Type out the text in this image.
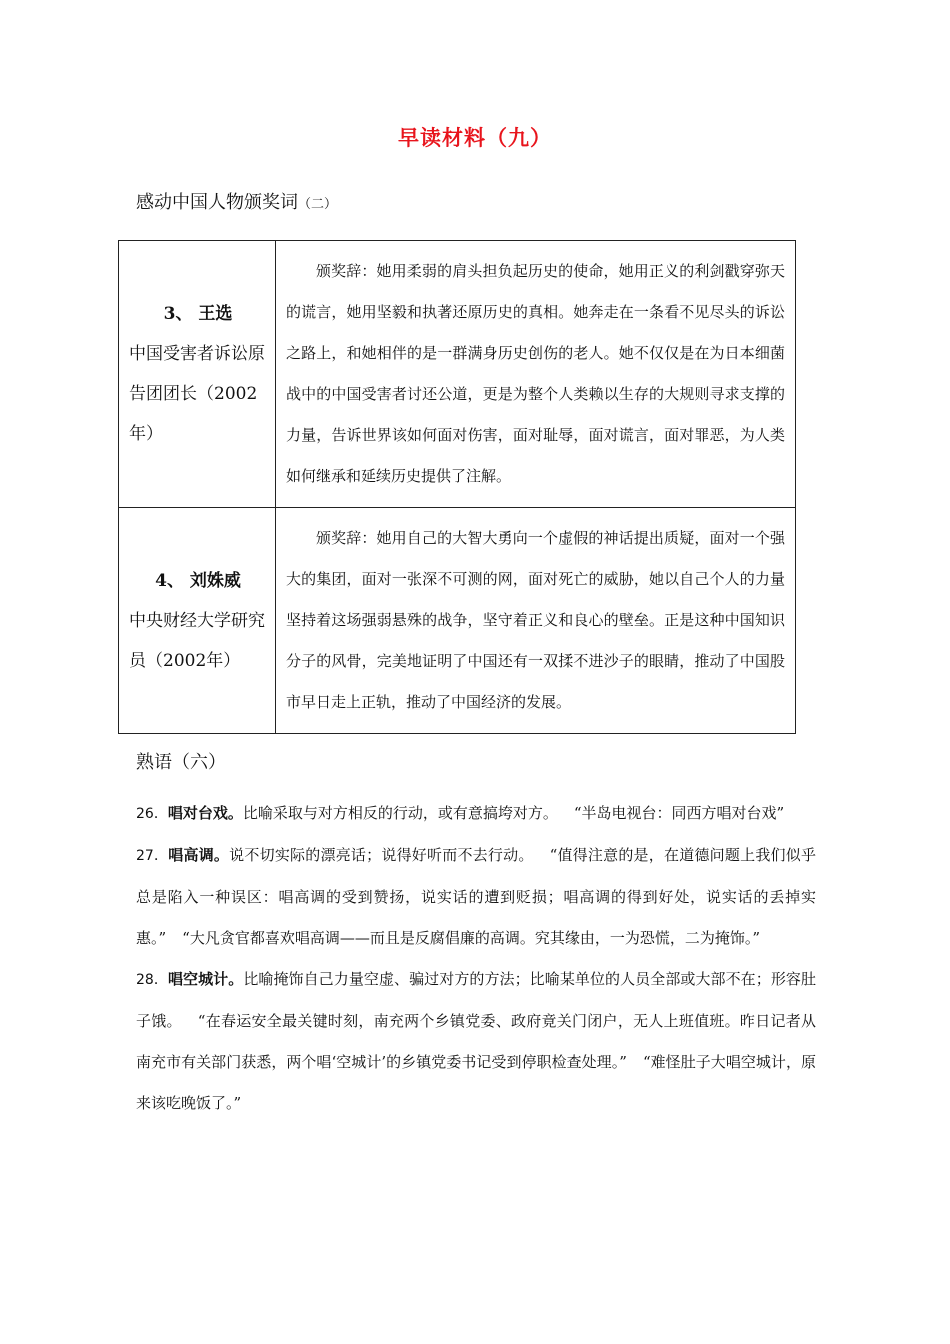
早读材料（九）
感动中国人物颁奖词（二）
3、 王选
中国受害者诉讼原告团团长（2002年）	颁奖辞：她用柔弱的肩头担负起历史的使命，她用正义的利剑戳穿弥天的谎言，她用坚毅和执著还原历史的真相。她奔走在一条看不见尽头的诉讼之路上，和她相伴的是一群满身历史创伤的老人。她不仅仅是在为日本细菌战中的中国受害者讨还公道，更是为整个人类赖以生存的大规则寻求支撑的力量，告诉世界该如何面对伤害，面对耻辱，面对谎言，面对罪恶，为人类如何继承和延续历史提供了注解。

4、 刘姝威
中央财经大学研究员（2002年）	颁奖辞：她用自己的大智大勇向一个虚假的神话提出质疑，面对一个强大的集团，面对一张深不可测的网，面对死亡的威胁，她以自己个人的力量坚持着这场强弱悬殊的战争，坚守着正义和良心的壁垒。正是这种中国知识分子的风骨，完美地证明了中国还有一双揉不进沙子的眼睛，推动了中国股市早日走上正轨，推动了中国经济的发展。
熟语（六）
26．唱对台戏。比喻采取与对方相反的行动，或有意搞垮对方。 “半岛电视台：同西方唱对台戏”
27．唱高调。说不切实际的漂亮话；说得好听而不去行动。 “值得注意的是，在道德问题上我们似乎总是陷入一种误区：唱高调的受到赞扬，说实话的遭到贬损；唱高调的得到好处，说实话的丢掉实惠。” “大凡贪官都喜欢唱高调——而且是反腐倡廉的高调。究其缘由，一为恐慌，二为掩饰。”
28．唱空城计。比喻掩饰自己力量空虚、骗过对方的方法；比喻某单位的人员全部或大部不在；形容肚子饿。 “在春运安全最关键时刻，南充两个乡镇党委、政府竟关门闭户，无人上班值班。昨日记者从南充市有关部门获悉，两个唱‘空城计’的乡镇党委书记受到停职检查处理。” “难怪肚子大唱空城计，原来该吃晚饭了。”
